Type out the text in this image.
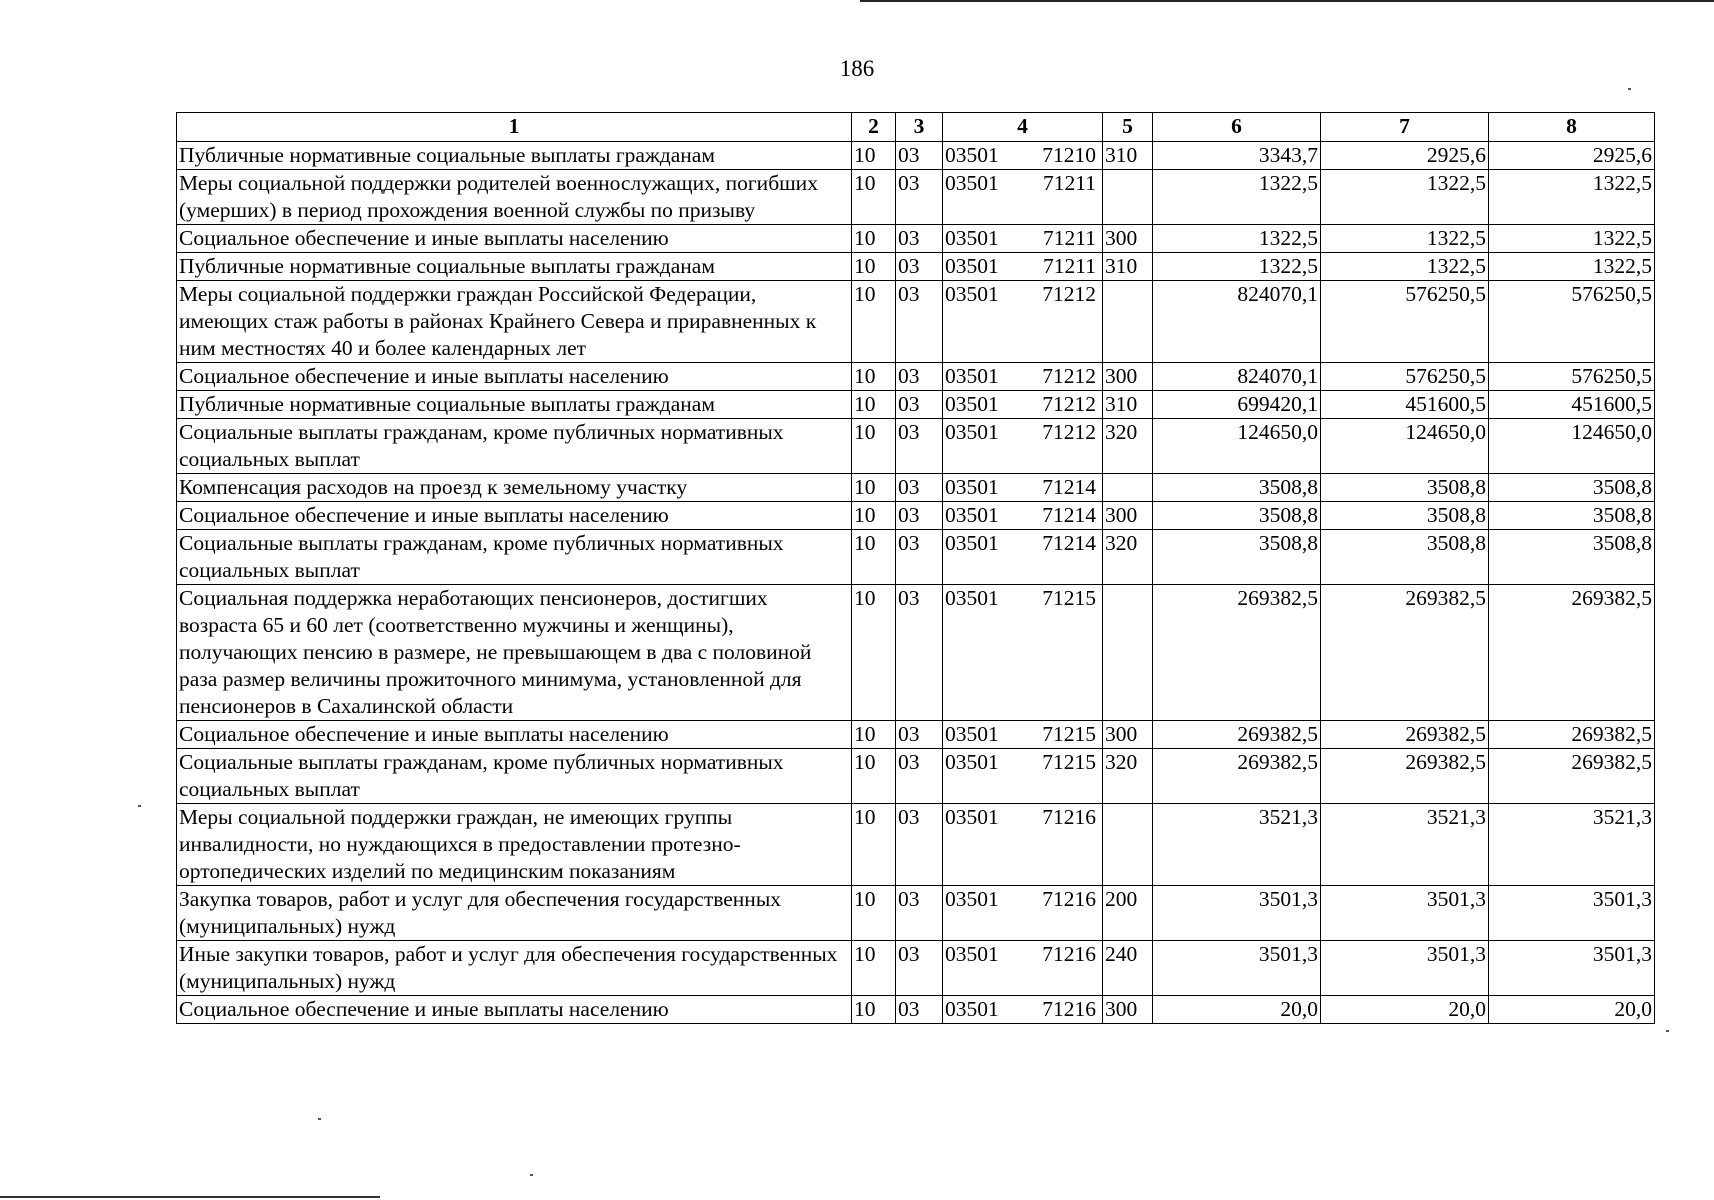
186
1	2	3	4	5	6	7	8
Публичные нормативные социальные выплаты гражданам	10	03	03501 71210	310	3343,7	2925,6	2925,6
Меры социальной поддержки родителей военнослужащих, погибших (умерших) в период прохождения военной службы по призыву	10	03	03501 71211		1322,5	1322,5	1322,5
Социальное обеспечение и иные выплаты населению	10	03	03501 71211	300	1322,5	1322,5	1322,5
Публичные нормативные социальные выплаты гражданам	10	03	03501 71211	310	1322,5	1322,5	1322,5
Меры социальной поддержки граждан Российской Федерации, имеющих стаж работы в районах Крайнего Севера и приравненных к ним местностях 40 и более календарных лет	10	03	03501 71212		824070,1	576250,5	576250,5
Социальное обеспечение и иные выплаты населению	10	03	03501 71212	300	824070,1	576250,5	576250,5
Публичные нормативные социальные выплаты гражданам	10	03	03501 71212	310	699420,1	451600,5	451600,5
Социальные выплаты гражданам, кроме публичных нормативных социальных выплат	10	03	03501 71212	320	124650,0	124650,0	124650,0
Компенсация расходов на проезд к земельному участку	10	03	03501 71214		3508,8	3508,8	3508,8
Социальное обеспечение и иные выплаты населению	10	03	03501 71214	300	3508,8	3508,8	3508,8
Социальные выплаты гражданам, кроме публичных нормативных социальных выплат	10	03	03501 71214	320	3508,8	3508,8	3508,8
Социальная поддержка неработающих пенсионеров, достигших возраста 65 и 60 лет (соответственно мужчины и женщины), получающих пенсию в размере, не превышающем в два с половиной раза размер величины прожиточного минимума, установленной для пенсионеров в Сахалинской области	10	03	03501 71215		269382,5	269382,5	269382,5
Социальное обеспечение и иные выплаты населению	10	03	03501 71215	300	269382,5	269382,5	269382,5
Социальные выплаты гражданам, кроме публичных нормативных социальных выплат	10	03	03501 71215	320	269382,5	269382,5	269382,5
Меры социальной поддержки граждан, не имеющих группы инвалидности, но нуждающихся в предоставлении протезно-ортопедических изделий по медицинским показаниям	10	03	03501 71216		3521,3	3521,3	3521,3
Закупка товаров, работ и услуг для обеспечения государственных (муниципальных) нужд	10	03	03501 71216	200	3501,3	3501,3	3501,3
Иные закупки товаров, работ и услуг для обеспечения государственных (муниципальных) нужд	10	03	03501 71216	240	3501,3	3501,3	3501,3
Социальное обеспечение и иные выплаты населению	10	03	03501 71216	300	20,0	20,0	20,0
